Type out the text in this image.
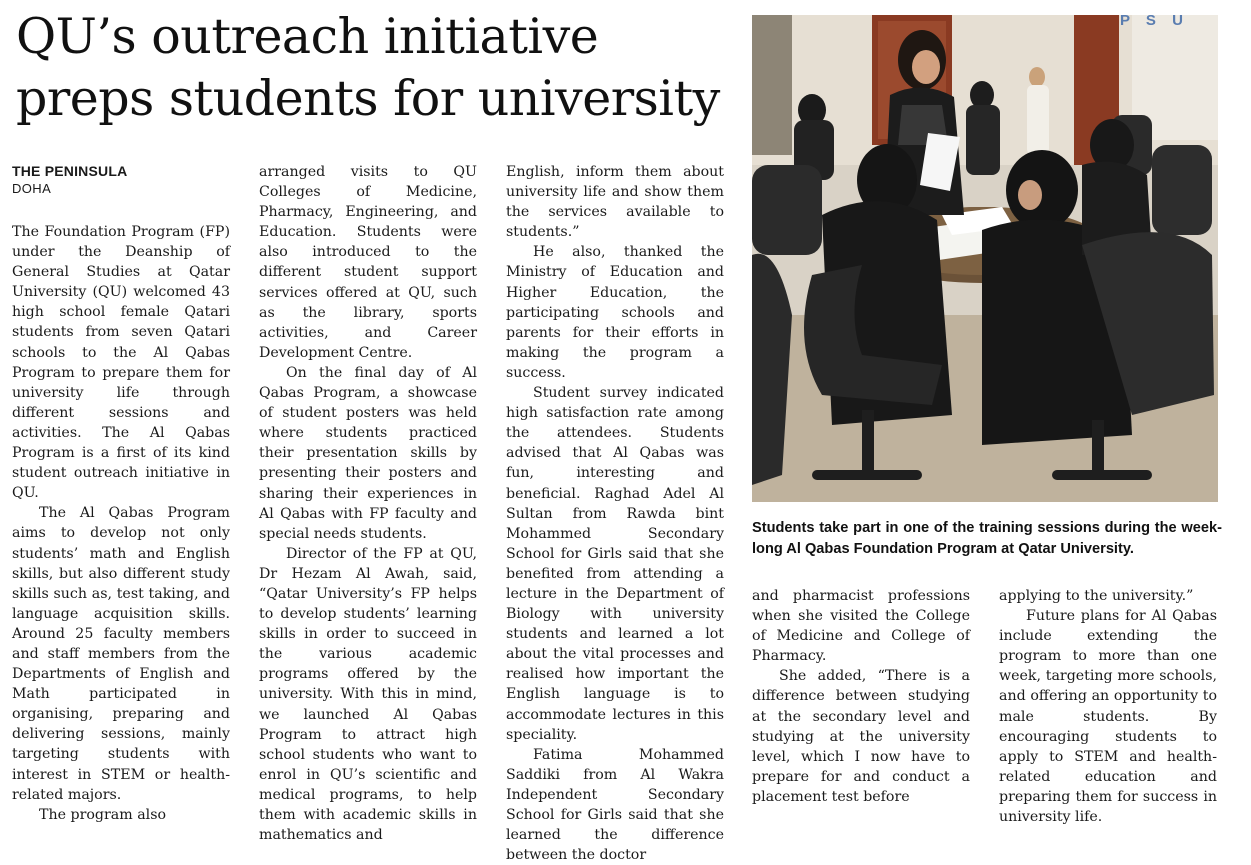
QU’s outreach initiative
preps students for university
THE PENINSULA
DOHA

The Foundation Program (FP) under the Deanship of General Studies at Qatar University (QU) welcomed 43 high school female Qatari students from seven Qatari schools to the Al Qabas Program to prepare them for university life through different sessions and activities. The Al Qabas Program is a first of its kind student outreach initiative in QU.

The Al Qabas Program aims to develop not only students’ math and English skills, but also different study skills such as, test taking, and language acquisition skills. Around 25 faculty members and staff members from the Departments of English and Math participated in organising, preparing and delivering sessions, mainly targeting students with interest in STEM or health-related majors.

The program also

arranged visits to QU Colleges of Medicine, Pharmacy, Engineering, and Education. Students were also introduced to the different student support services offered at QU, such as the library, sports activities, and Career Development Centre.

On the final day of Al Qabas Program, a showcase of student posters was held where students practiced their presentation skills by presenting their posters and sharing their experiences in Al Qabas with FP faculty and special needs students.

Director of the FP at QU, Dr Hezam Al Awah, said, “Qatar University’s FP helps to develop students’ learning skills in order to succeed in the various academic programs offered by the university. With this in mind, we launched Al Qabas Program to attract high school students who want to enrol in QU’s scientific and medical programs, to help them with academic skills in mathematics and

English, inform them about university life and show them the services available to students.”

He also, thanked the Ministry of Education and Higher Education, the participating schools and parents for their efforts in making the program a success.

Student survey indicated high satisfaction rate among the attendees. Students advised that Al Qabas was fun, interesting and beneficial. Raghad Adel Al Sultan from Rawda bint Mohammed Secondary School for Girls said that she benefited from attending a lecture in the Department of Biology with university students and learned a lot about the vital processes and realised how important the English language is to accommodate lectures in this speciality.

Fatima Mohammed Saddiki from Al Wakra Independent Secondary School for Girls said that she learned the difference between the doctor

P S U
Students take part in one of the training sessions during the week-long Al Qabas Foundation Program at Qatar University.

and pharmacist professions when she visited the College of Medicine and College of Pharmacy.

She added, “There is a difference between studying at the secondary level and studying at the university level, which I now have to prepare for and conduct a placement test before

applying to the university.”

Future plans for Al Qabas include extending the program to more than one week, targeting more schools, and offering an opportunity to male students. By encouraging students to apply to STEM and health-related education and preparing them for success in university life.
